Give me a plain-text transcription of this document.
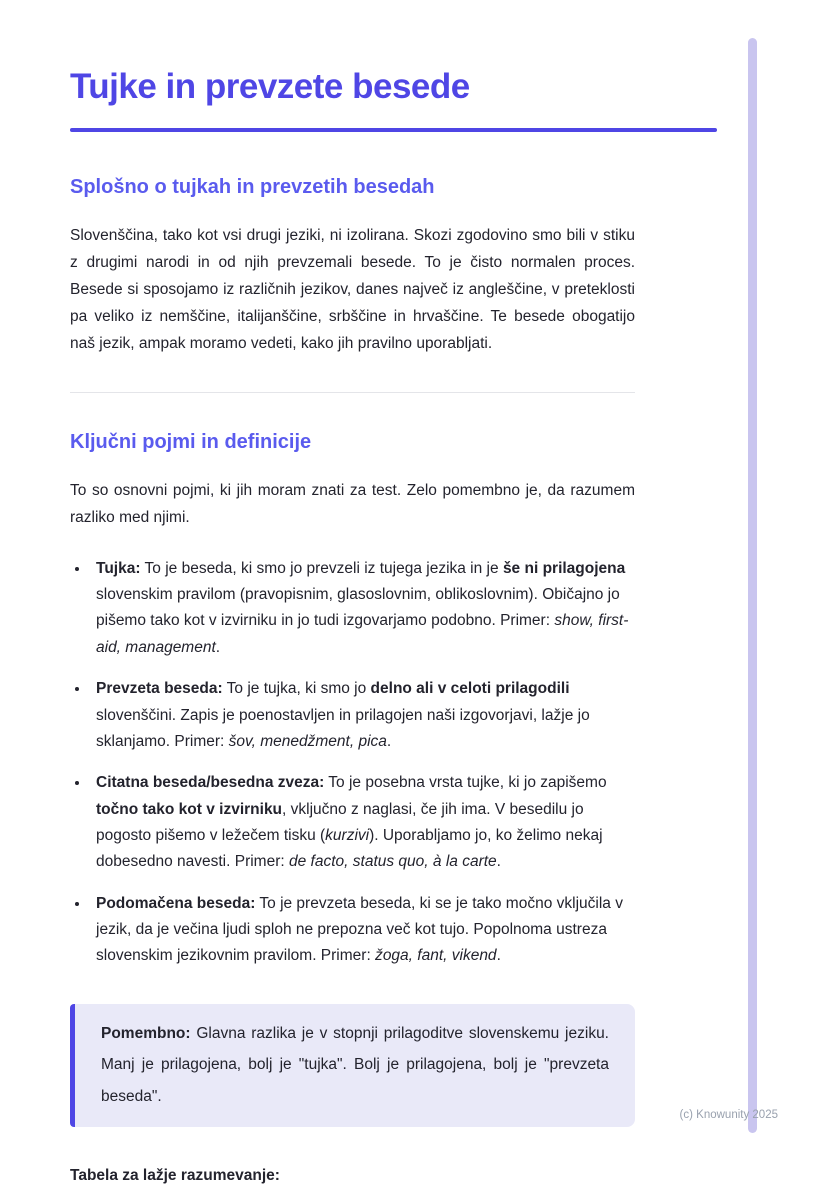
Tujke in prevzete besede
Splošno o tujkah in prevzetih besedah

Slovenščina, tako kot vsi drugi jeziki, ni izolirana. Skozi zgodovino smo bili v stiku z drugimi narodi in od njih prevzemali besede. To je čisto normalen proces. Besede si sposojamo iz različnih jezikov, danes največ iz angleščine, v preteklosti pa veliko iz nemščine, italijanščine, srbščine in hrvaščine. Te besede obogatijo naš jezik, ampak moramo vedeti, kako jih pravilno uporabljati.

Ključni pojmi in definicije

To so osnovni pojmi, ki jih moram znati za test. Zelo pomembno je, da razumem razliko med njimi.

• Tujka: To je beseda, ki smo jo prevzeli iz tujega jezika in je še ni prilagojena slovenskim pravilom (pravopisnim, glasoslovnim, oblikoslovnim). Običajno jo pišemo tako kot v izvirniku in jo tudi izgovarjamo podobno. Primer: show, first-aid, management.
• Prevzeta beseda: To je tujka, ki smo jo delno ali v celoti prilagodili slovenščini. Zapis je poenostavljen in prilagojen naši izgovorjavi, lažje jo sklanjamo. Primer: šov, menedžment, pica.
• Citatna beseda/besedna zveza: To je posebna vrsta tujke, ki jo zapišemo točno tako kot v izvirniku, vključno z naglasi, če jih ima. V besedilu jo pogosto pišemo v ležečem tisku (kurzivi). Uporabljamo jo, ko želimo nekaj dobesedno navesti. Primer: de facto, status quo, à la carte.
• Podomačena beseda: To je prevzeta beseda, ki se je tako močno vključila v jezik, da je večina ljudi sploh ne prepozna več kot tujo. Popolnoma ustreza slovenskim jezikovnim pravilom. Primer: žoga, fant, vikend.

Pomembno: Glavna razlika je v stopnji prilagoditve slovenskemu jeziku. Manj je prilagojena, bolj je "tujka". Bolj je prilagojena, bolj je "prevzeta beseda".

Tabela za lažje razumevanje:

(c) Knowunity 2025
